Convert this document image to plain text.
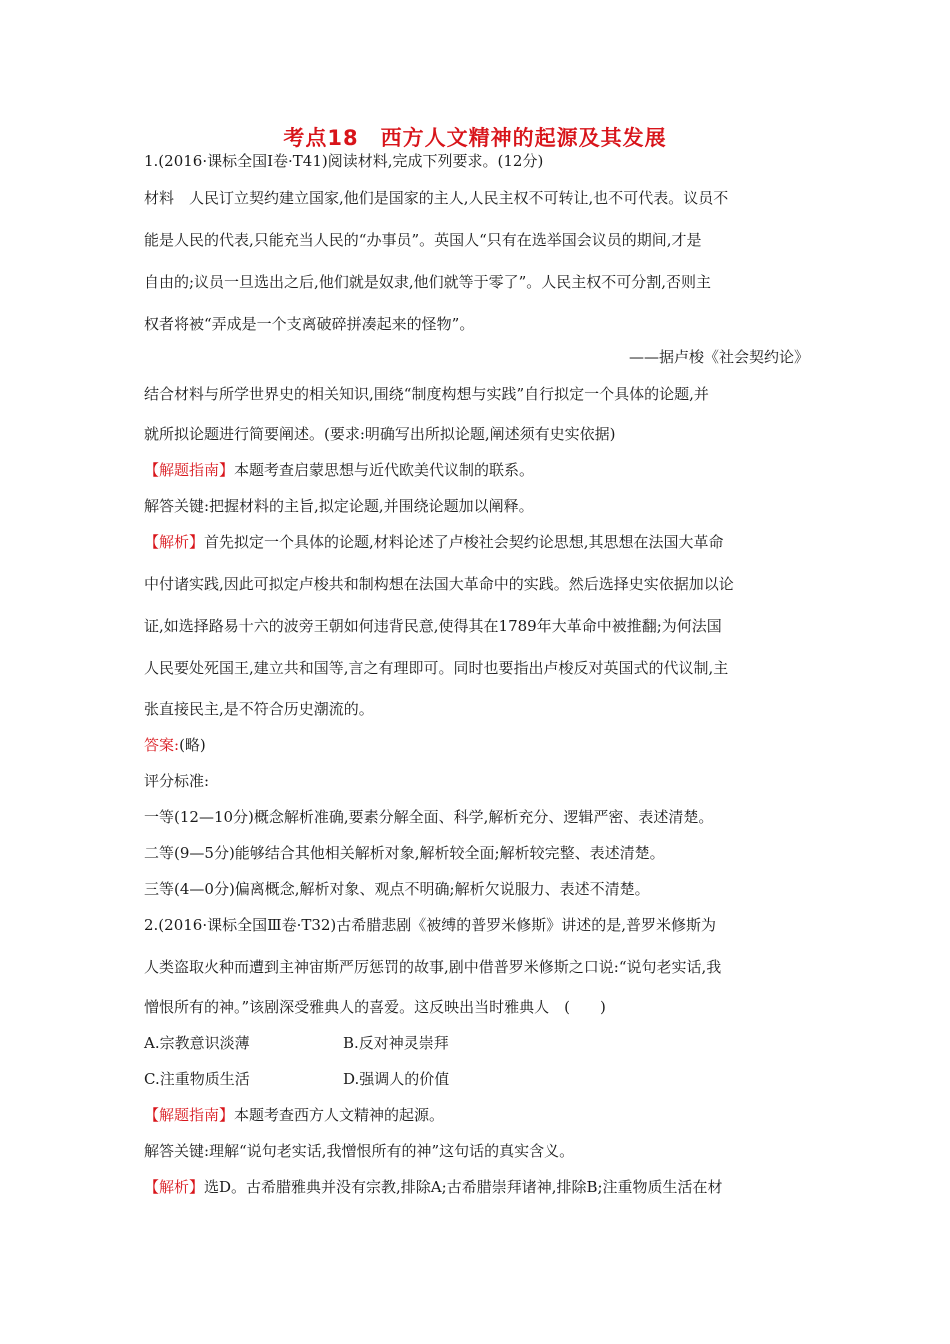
考点18　西方人文精神的起源及其发展
1.(2016·课标全国Ⅰ卷·T41)阅读材料,完成下列要求。(12分)
材料　人民订立契约建立国家,他们是国家的主人,人民主权不可转让,也不可代表。议员不
能是人民的代表,只能充当人民的“办事员”。英国人“只有在选举国会议员的期间,才是
自由的;议员一旦选出之后,他们就是奴隶,他们就等于零了”。人民主权不可分割,否则主
权者将被“弄成是一个支离破碎拼凑起来的怪物”。
——据卢梭《社会契约论》
结合材料与所学世界史的相关知识,围绕“制度构想与实践”自行拟定一个具体的论题,并
就所拟论题进行简要阐述。(要求:明确写出所拟论题,阐述须有史实依据)
【解题指南】本题考查启蒙思想与近代欧美代议制的联系。
解答关键:把握材料的主旨,拟定论题,并围绕论题加以阐释。
【解析】首先拟定一个具体的论题,材料论述了卢梭社会契约论思想,其思想在法国大革命
中付诸实践,因此可拟定卢梭共和制构想在法国大革命中的实践。然后选择史实依据加以论
证,如选择路易十六的波旁王朝如何违背民意,使得其在1789年大革命中被推翻;为何法国
人民要处死国王,建立共和国等,言之有理即可。同时也要指出卢梭反对英国式的代议制,主
张直接民主,是不符合历史潮流的。
答案:(略)
评分标准:
一等(12—10分)概念解析准确,要素分解全面、科学,解析充分、逻辑严密、表述清楚。
二等(9—5分)能够结合其他相关解析对象,解析较全面;解析较完整、表述清楚。
三等(4—0分)偏离概念,解析对象、观点不明确;解析欠说服力、表述不清楚。
2.(2016·课标全国Ⅲ卷·T32)古希腊悲剧《被缚的普罗米修斯》讲述的是,普罗米修斯为
人类盗取火种而遭到主神宙斯严厉惩罚的故事,剧中借普罗米修斯之口说:“说句老实话,我
憎恨所有的神。”该剧深受雅典人的喜爱。这反映出当时雅典人　(　　)
A.宗教意识淡薄	B.反对神灵崇拜
C.注重物质生活	D.强调人的价值
【解题指南】本题考查西方人文精神的起源。
解答关键:理解“说句老实话,我憎恨所有的神”这句话的真实含义。
【解析】选D。古希腊雅典并没有宗教,排除A;古希腊崇拜诸神,排除B;注重物质生活在材
